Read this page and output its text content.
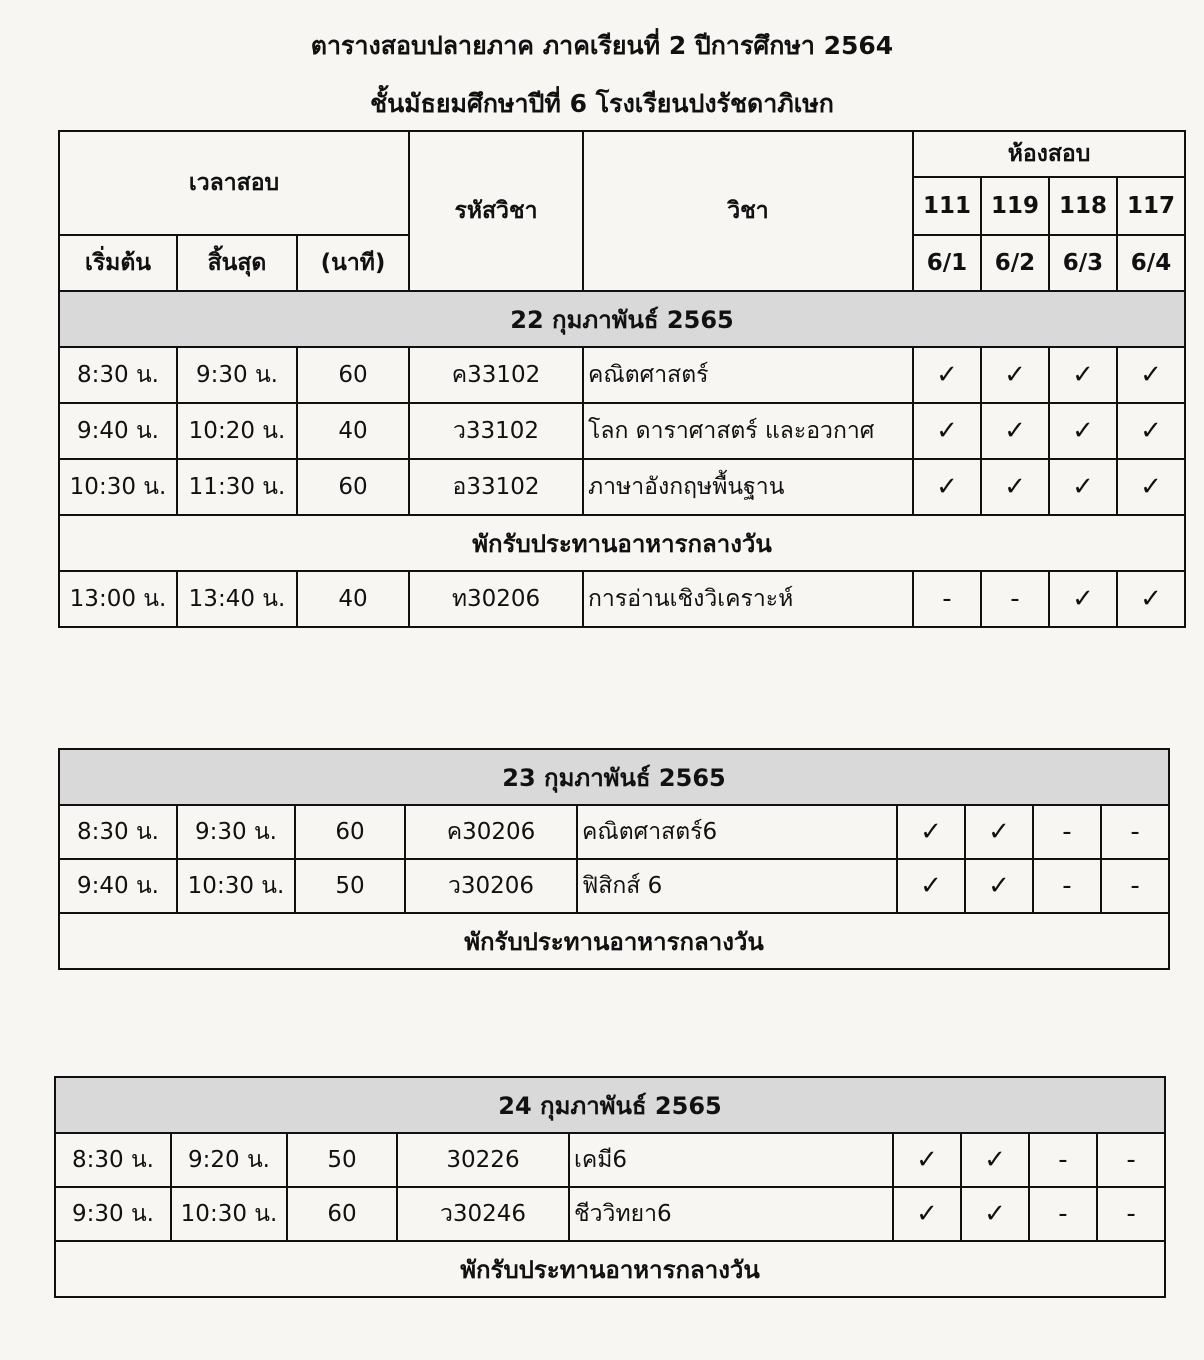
ตารางสอบปลายภาค ภาคเรียนที่ 2 ปีการศึกษา 2564
ชั้นมัธยมศึกษาปีที่ 6 โรงเรียนปงรัชดาภิเษก
เวลาสอบ			รหัสวิชา	วิชา	ห้องสอบ			
					111	119	118	117
เริ่มต้น	สิ้นสุด	(นาที)			6/1	6/2	6/3	6/4
22 กุมภาพันธ์ 2565								
8:30 น.	9:30 น.	60	ค33102	คณิตศาสตร์	✓	✓	✓	✓
9:40 น.	10:20 น.	40	ว33102	โลก ดาราศาสตร์ และอวกาศ	✓	✓	✓	✓
10:30 น.	11:30 น.	60	อ33102	ภาษาอังกฤษพื้นฐาน	✓	✓	✓	✓
พักรับประทานอาหารกลางวัน								
13:00 น.	13:40 น.	40	ท30206	การอ่านเชิงวิเคราะห์	-	-	✓	✓
23 กุมภาพันธ์ 2565								
8:30 น.	9:30 น.	60	ค30206	คณิตศาสตร์6	✓	✓	-	-
9:40 น.	10:30 น.	50	ว30206	ฟิสิกส์ 6	✓	✓	-	-
พักรับประทานอาหารกลางวัน								
24 กุมภาพันธ์ 2565								
8:30 น.	9:20 น.	50	30226	เคมี6	✓	✓	-	-
9:30 น.	10:30 น.	60	ว30246	ชีววิทยา6	✓	✓	-	-
พักรับประทานอาหารกลางวัน								
